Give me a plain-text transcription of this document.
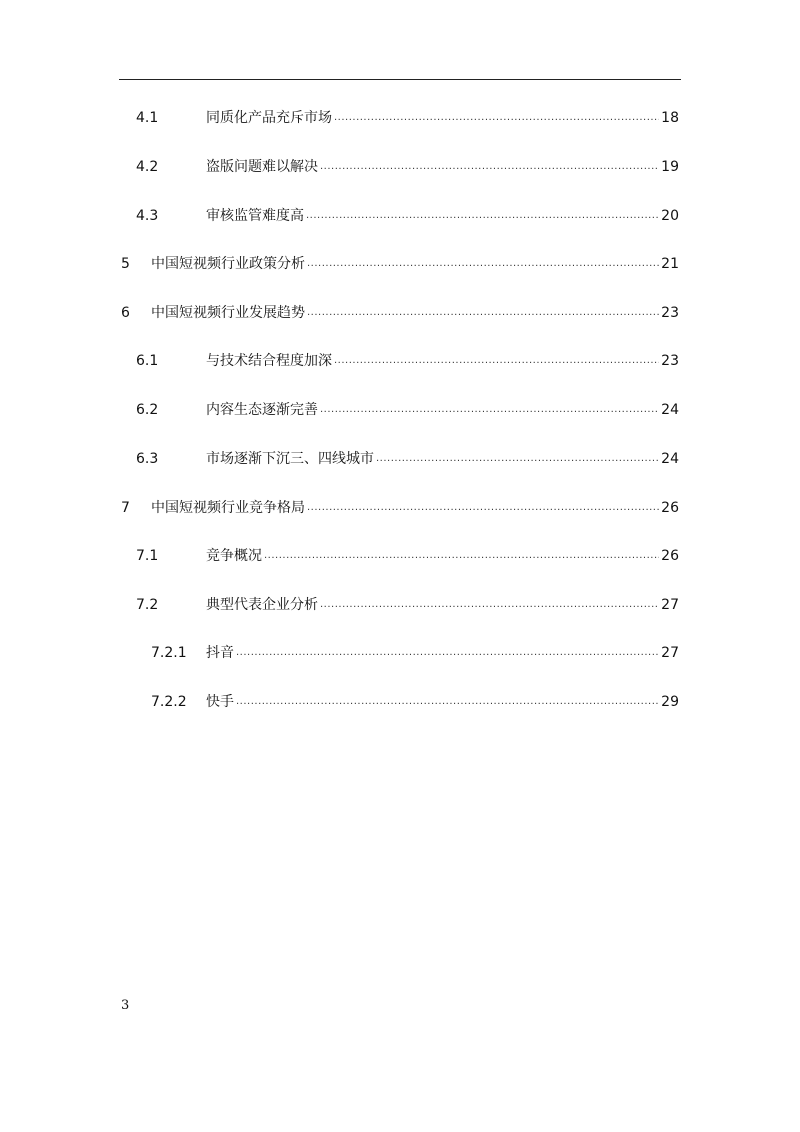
4.1	同质化产品充斥市场 .....	18
4.2	盗版问题难以解决 .....	19
4.3	审核监管难度高 .....	20
5 中国短视频行业政策分析 .....	21
6 中国短视频行业发展趋势 .....	23
6.1	与技术结合程度加深 .....	23
6.2	内容生态逐渐完善 .....	24
6.3	市场逐渐下沉三、四线城市 .....	24
7 中国短视频行业竞争格局 .....	26
7.1	竞争概况 .....	26
7.2	典型代表企业分析 .....	27
7.2.1 抖音 .....	27
7.2.2 快手 .....	29
3
